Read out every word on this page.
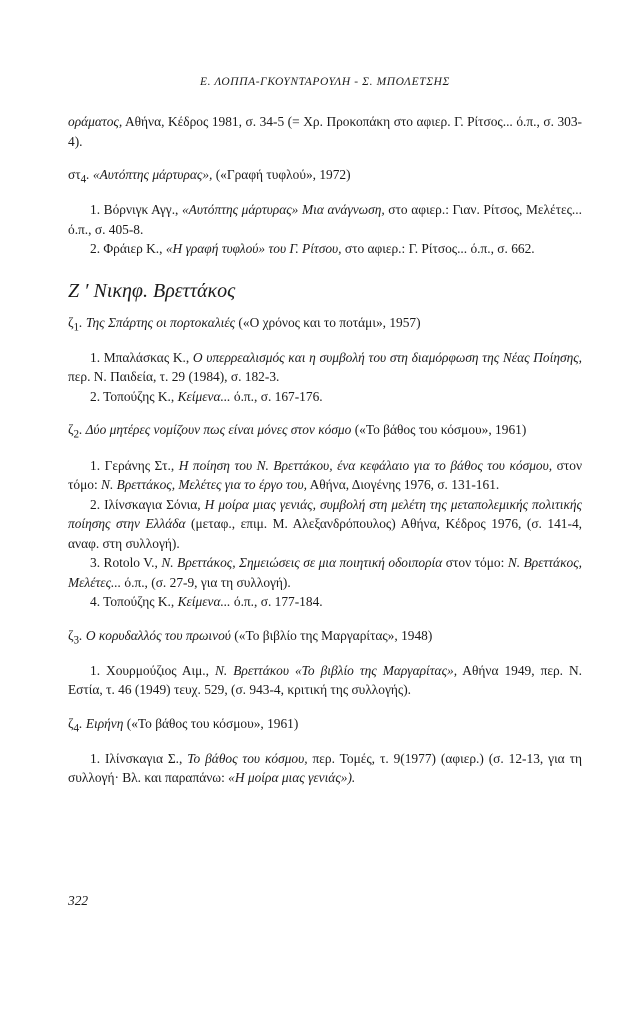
Ε. ΛΟΠΠΑ-ΓΚΟΥΝΤΑΡΟΥΛΗ - Σ. ΜΠΟΛΕΤΣΗΣ

οράματος, Αθήνα, Κέδρος 1981, σ. 34-5 (= Χρ. Προκοπάκη στο αφιερ. Γ. Ρίτσος... ό.π., σ. 303-4).

$\sigma\tau_4$. «Αυτόπτης μάρτυρας», («Γραφή τυφλού», 1972)

1. Βόρνιγκ Αγγ., «Αυτόπτης μάρτυρας» Μια ανάγνωση, στο αφιερ.: Γιαν. Ρίτσος, Μελέτες... ό.π., σ. 405-8.

2. Φράιερ Κ., «Η γραφή τυφλού» του Γ. Ρίτσου, στο αφιερ.: Γ. Ρίτσος... ό.π., σ. 662.

Ζ ′ Νικηφ. Βρεττάκος

$\zeta_1$. Της Σπάρτης οι πορτοκαλιές («Ο χρόνος και το ποτάμι», 1957)

1. Μπαλάσκας Κ., Ο υπερρεαλισμός και η συμβολή του στη διαμόρφωση της Νέας Ποίησης, περ. Ν. Παιδεία, τ. 29 (1984), σ. 182-3.

2. Τοπούζης Κ., Κείμενα... ό.π., σ. 167-176.

$\zeta_2$. Δύο μητέρες νομίζουν πως είναι μόνες στον κόσμο («Το βάθος του κόσμου», 1961)

1. Γεράνης Στ., Η ποίηση του Ν. Βρεττάκου, ένα κεφάλαιο για το βάθος του κόσμου, στον τόμο: Ν. Βρεττάκος, Μελέτες για το έργο του, Αθήνα, Διογένης 1976, σ. 131-161.

2. Ιλίνσκαγια Σόνια, Η μοίρα μιας γενιάς, συμβολή στη μελέτη της μεταπολεμικής πολιτικής ποίησης στην Ελλάδα (μεταφ., επιμ. Μ. Αλεξανδρόπουλος) Αθήνα, Κέδρος 1976, (σ. 141-4, αναφ. στη συλλογή).

3. Rotolo V., Ν. Βρεττάκος, Σημειώσεις σε μια ποιητική οδοιπορία στον τόμο: Ν. Βρεττάκος, Μελέτες... ό.π., (σ. 27-9, για τη συλλογή).

4. Τοπούζης Κ., Κείμενα... ό.π., σ. 177-184.

$\zeta_3$. Ο κορυδαλλός του πρωινού («Το βιβλίο της Μαργαρίτας», 1948)

1. Χουρμούζιος Αιμ., Ν. Βρεττάκου «Το βιβλίο της Μαργαρίτας», Αθήνα 1949, περ. Ν. Εστία, τ. 46 (1949) τευχ. 529, (σ. 943-4, κριτική της συλλογής).

$\zeta_4$. Ειρήνη («Το βάθος του κόσμου», 1961)

1. Ιλίνσκαγια Σ., Το βάθος του κόσμου, περ. Τομές, τ. 9(1977) (αφιερ.) (σ. 12-13, για τη συλλογή· Βλ. και παραπάνω: «Η μοίρα μιας γενιάς»).

322
